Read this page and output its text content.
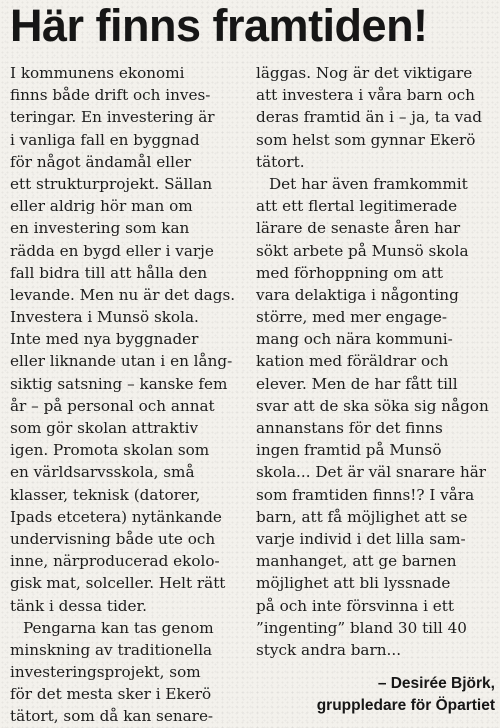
Här finns framtiden!
I kommunens ekonomi
finns både drift och inves-
teringar. En investering är
i vanliga fall en byggnad
för något ändamål eller
ett strukturprojekt. Sällan
eller aldrig hör man om
en investering som kan
rädda en bygd eller i varje
fall bidra till att hålla den
levande. Men nu är det dags.
Investera i Munsö skola.
Inte med nya byggnader
eller liknande utan i en lång-
siktig satsning – kanske fem
år – på personal och annat
som gör skolan attraktiv
igen. Promota skolan som
en världsarvsskola, små
klasser, teknisk (datorer,
Ipads etcetera) nytänkande
undervisning både ute och
inne, närproducerad ekolo-
gisk mat, solceller. Helt rätt
tänk i dessa tider.
Pengarna kan tas genom
minskning av traditionella
investeringsprojekt, som
för det mesta sker i Ekerö
tätort, som då kan senare-
läggas. Nog är det viktigare
att investera i våra barn och
deras framtid än i – ja, ta vad
som helst som gynnar Ekerö
tätort.
Det har även framkommit
att ett flertal legitimerade
lärare de senaste åren har
sökt arbete på Munsö skola
med förhoppning om att
vara delaktiga i någonting
större, med mer engage-
mang och nära kommuni-
kation med föräldrar och
elever. Men de har fått till
svar att de ska söka sig någon
annanstans för det finns
ingen framtid på Munsö
skola... Det är väl snarare här
som framtiden finns!? I våra
barn, att få möjlighet att se
varje individ i det lilla sam-
manhanget, att ge barnen
möjlighet att bli lyssnade
på och inte försvinna i ett
”ingenting” bland 30 till 40
styck andra barn...
– Desirée Björk,
gruppledare för Öpartiet
